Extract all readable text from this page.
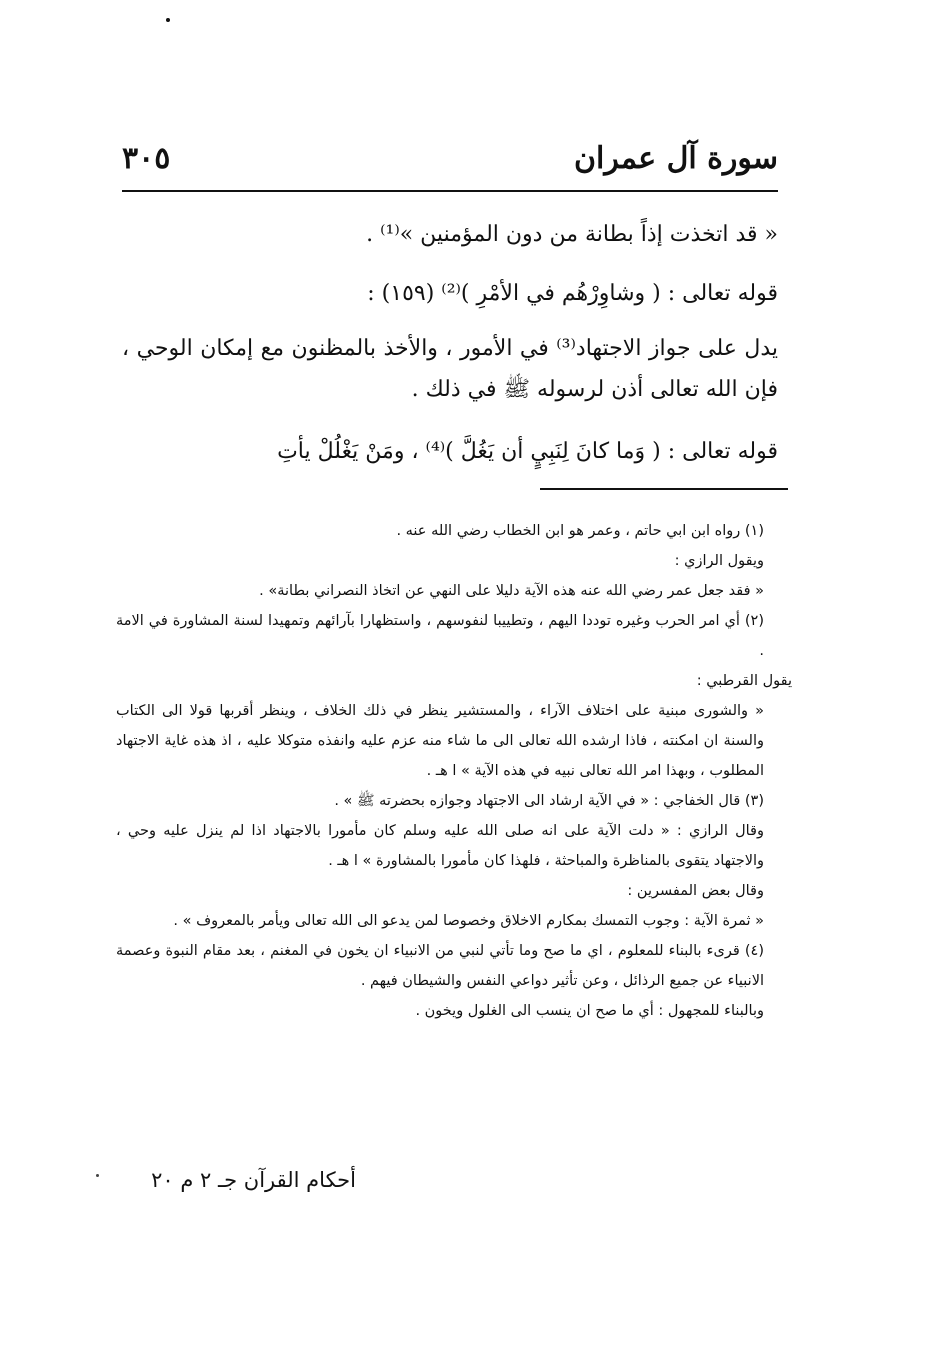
سورة آل عمران
٣٠٥

« قد اتخذت إذاً بطانة من دون المؤمنين »⁽¹⁾ .

قوله تعالى : ( وشاوِرْهُم في الأمْرِ )⁽²⁾ (١٥٩) :

يدل على جواز الاجتهاد⁽³⁾ في الأمور ، والأخذ بالمظنون مع إمكان الوحي ، فإن الله تعالى أذن لرسوله ﷺ في ذلك .

قوله تعالى : ( وَما كانَ لِنَبِيٍ أن يَغُلَّ )⁽⁴⁾ ، ومَنْ يَغْلُلْ يأتِ

(١) رواه ابن ابي حاتم ، وعمر هو ابن الخطاب رضي الله عنه .

ويقول الرازي :

« فقد جعل عمر رضي الله عنه هذه الآية دليلا على النهي عن اتخاذ النصراني بطانة» .

(٢) أي امر الحرب وغيره توددا اليهم ، وتطييبا لنفوسهم ، واستظهارا بآرائهم وتمهيدا لسنة المشاورة في الامة .

يقول القرطبي :

« والشورى مبنية على اختلاف الآراء ، والمستشير ينظر في ذلك الخلاف ، وينظر أقربها قولا الى الكتاب والسنة ان امكنته ، فاذا ارشده الله تعالى الى ما شاء منه عزم عليه وانفذه متوكلا عليه ، اذ هذه غاية الاجتهاد المطلوب ، وبهذا امر الله تعالى نبيه في هذه الآية » ا هـ .

(٣) قال الخفاجي : « في الآية ارشاد الى الاجتهاد وجوازه بحضرته ﷺ » .

وقال الرازي : « دلت الآية على انه صلى الله عليه وسلم كان مأمورا بالاجتهاد اذا لم ينزل عليه وحي ، والاجتهاد يتقوى بالمناظرة والمباحثة ، فلهذا كان مأمورا بالمشاورة » ا هـ .

وقال بعض المفسرين :

« ثمرة الآية : وجوب التمسك بمكارم الاخلاق وخصوصا لمن يدعو الى الله تعالى ويأمر بالمعروف » .

(٤) قرىء بالبناء للمعلوم ، اي ما صح وما تأتي لنبي من الانبياء ان يخون في المغنم ، بعد مقام النبوة وعصمة الانبياء عن جميع الرذائل ، وعن تأثير دواعي النفس والشيطان فيهم .

وبالبناء للمجهول : أي ما صح ان ينسب الى الغلول ويخون .

أحكام القرآن جـ ٢ م ٢٠
